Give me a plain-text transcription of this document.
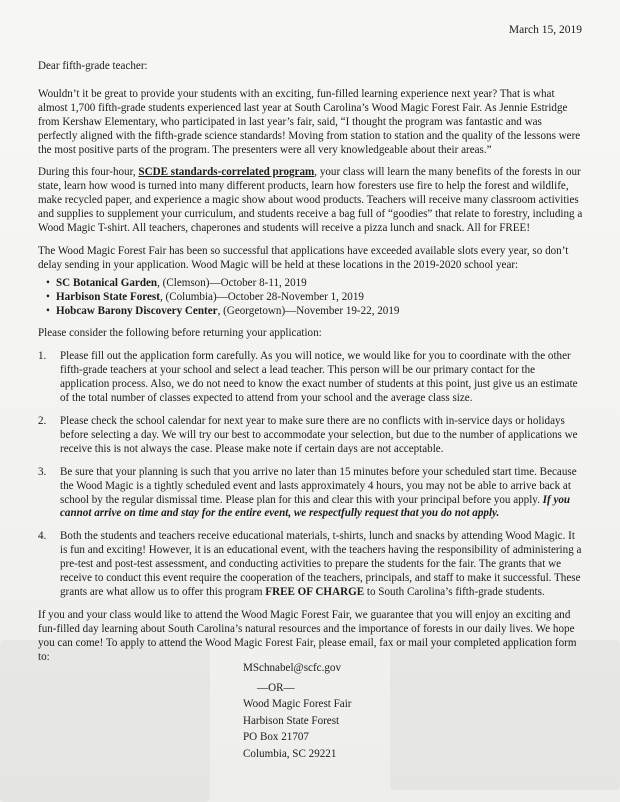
March 15, 2019

Dear fifth-grade teacher:

Wouldn’t it be great to provide your students with an exciting, fun-filled learning experience next year? That is what almost 1,700 fifth-grade students experienced last year at South Carolina’s Wood Magic Forest Fair. As Jennie Estridge from Kershaw Elementary, who participated in last year’s fair, said, “I thought the program was fantastic and was perfectly aligned with the fifth-grade science standards! Moving from station to station and the quality of the lessons were the most positive parts of the program. The presenters were all very knowledgeable about their areas.”

During this four-hour, SCDE standards-correlated program, your class will learn the many benefits of the forests in our state, learn how wood is turned into many different products, learn how foresters use fire to help the forest and wildlife, make recycled paper, and experience a magic show about wood products. Teachers will receive many classroom activities and supplies to supplement your curriculum, and students receive a bag full of “goodies” that relate to forestry, including a Wood Magic T-shirt. All teachers, chaperones and students will receive a pizza lunch and snack. All for FREE!

The Wood Magic Forest Fair has been so successful that applications have exceeded available slots every year, so don’t delay sending in your application. Wood Magic will be held at these locations in the 2019-2020 school year:

• SC Botanical Garden, (Clemson)—October 8-11, 2019
• Harbison State Forest, (Columbia)—October 28-November 1, 2019
• Hobcaw Barony Discovery Center, (Georgetown)—November 19-22, 2019

Please consider the following before returning your application:

1. Please fill out the application form carefully. As you will notice, we would like for you to coordinate with the other fifth-grade teachers at your school and select a lead teacher. This person will be our primary contact for the application process. Also, we do not need to know the exact number of students at this point, just give us an estimate of the total number of classes expected to attend from your school and the average class size.
2. Please check the school calendar for next year to make sure there are no conflicts with in-service days or holidays before selecting a day. We will try our best to accommodate your selection, but due to the number of applications we receive this is not always the case. Please make note if certain days are not acceptable.
3. Be sure that your planning is such that you arrive no later than 15 minutes before your scheduled start time. Because the Wood Magic is a tightly scheduled event and lasts approximately 4 hours, you may not be able to arrive back at school by the regular dismissal time. Please plan for this and clear this with your principal before you apply. If you cannot arrive on time and stay for the entire event, we respectfully request that you do not apply.
4. Both the students and teachers receive educational materials, t-shirts, lunch and snacks by attending Wood Magic. It is fun and exciting! However, it is an educational event, with the teachers having the responsibility of administering a pre-test and post-test assessment, and conducting activities to prepare the students for the fair. The grants that we receive to conduct this event require the cooperation of the teachers, principals, and staff to make it successful. These grants are what allow us to offer this program FREE OF CHARGE to South Carolina’s fifth-grade students.

If you and your class would like to attend the Wood Magic Forest Fair, we guarantee that you will enjoy an exciting and fun-filled day learning about South Carolina’s natural resources and the importance of forests in our daily lives. We hope you can come! To apply to attend the Wood Magic Forest Fair, please email, fax or mail your completed application form to:

MSchnabel@scfc.gov
—OR—
Wood Magic Forest Fair
Harbison State Forest
PO Box 21707
Columbia, SC 29221
